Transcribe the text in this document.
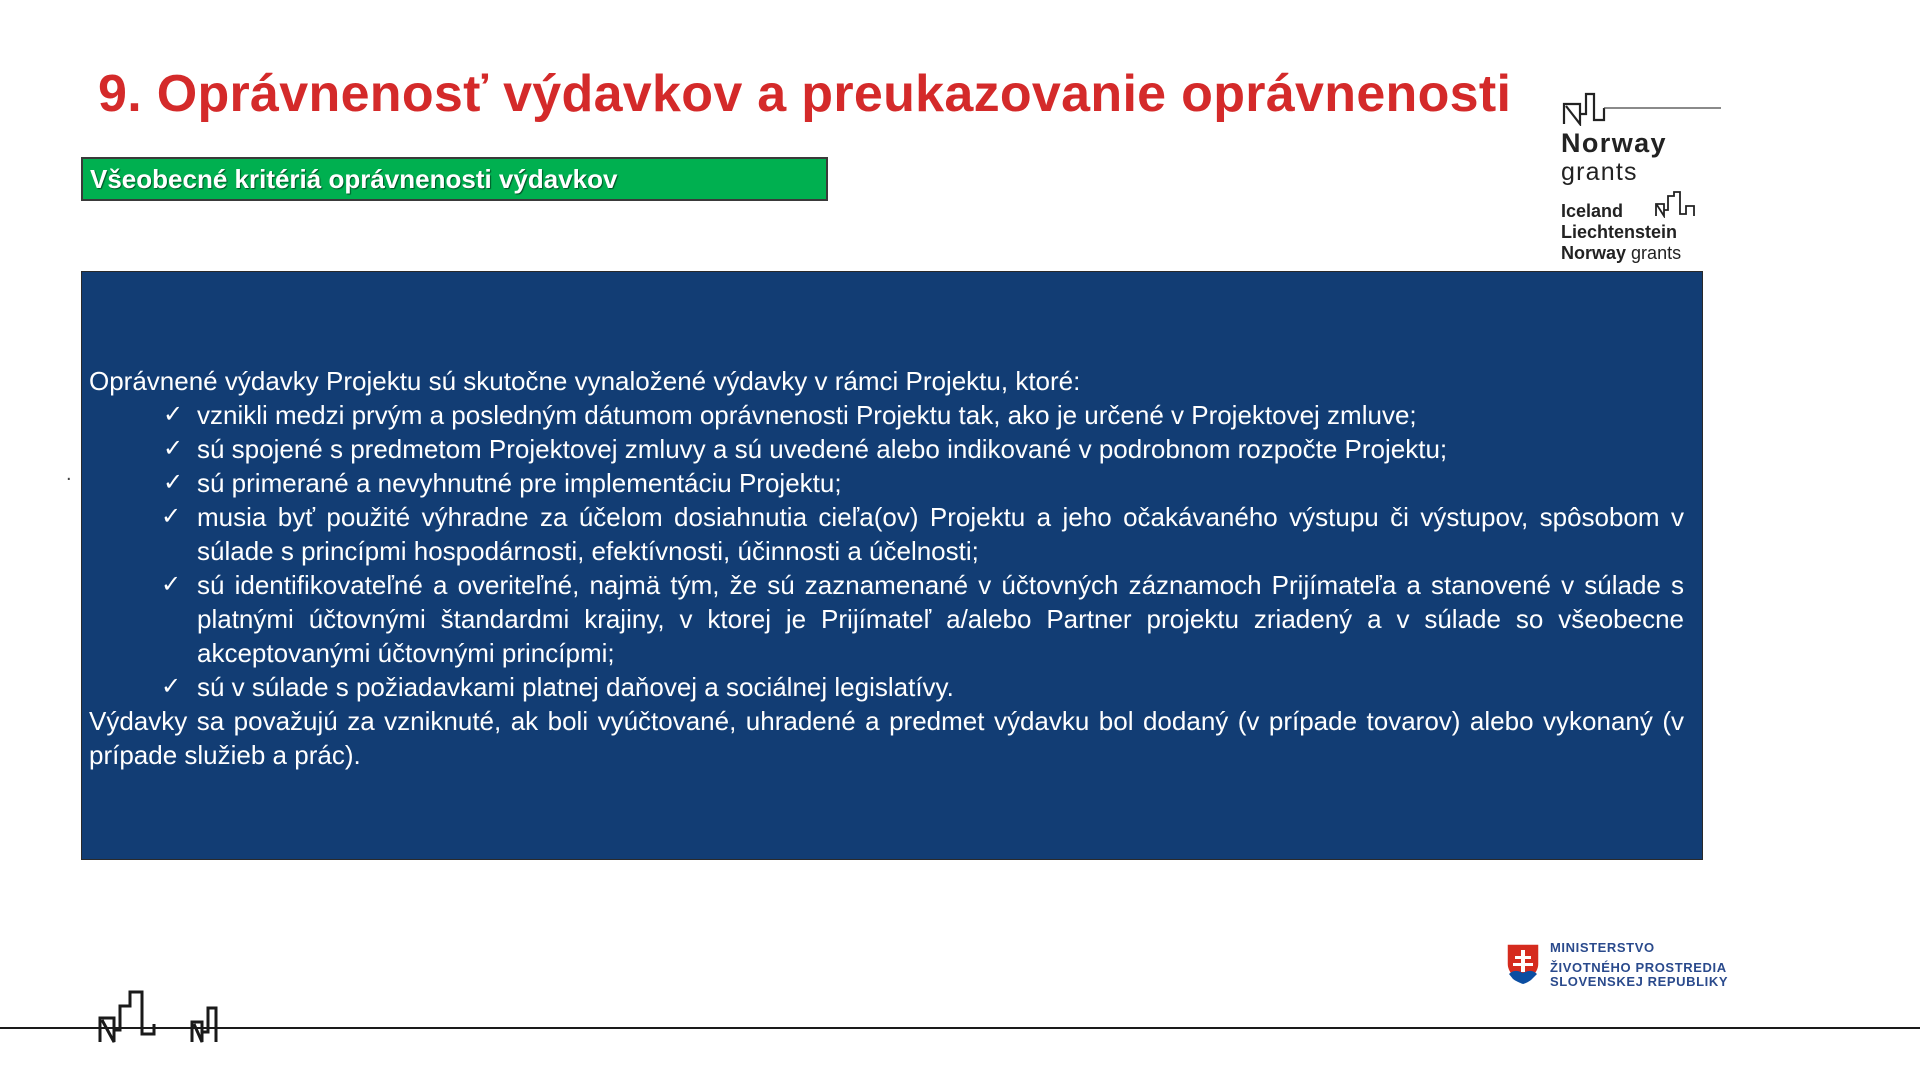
9. Oprávnenosť výdavkov a preukazovanie oprávnenosti
Všeobecné kritériá oprávnenosti výdavkov
Norway
grants
Iceland
Liechtenstein
Norway grants
.

Oprávnené výdavky Projektu sú skutočne vynaložené výdavky v rámci Projektu, ktoré:

✓ vznikli medzi prvým a posledným dátumom oprávnenosti Projektu tak, ako je určené v Projektovej zmluve;
✓ sú spojené s predmetom Projektovej zmluvy a sú uvedené alebo indikované v podrobnom rozpočte Projektu;
✓ sú primerané a nevyhnutné pre implementáciu Projektu;
✓ musia byť použité výhradne za účelom dosiahnutia cieľa(ov) Projektu a jeho očakávaného výstupu či výstupov, spôsobom v súlade s princípmi hospodárnosti, efektívnosti, účinnosti a účelnosti;
✓ sú identifikovateľné a overiteľné, najmä tým, že sú zaznamenané v účtovných záznamoch Prijímateľa a stanovené v súlade s platnými účtovnými štandardmi krajiny, v ktorej je Prijímateľ a/alebo Partner projektu zriadený a v súlade so všeobecne akceptovanými účtovnými princípmi;
✓ sú v súlade s požiadavkami platnej daňovej a sociálnej legislatívy.

Výdavky sa považujú za vzniknuté, ak boli vyúčtované, uhradené a predmet výdavku bol dodaný (v prípade tovarov) alebo vykonaný (v prípade služieb a prác).

MINISTERSTVO
ŽIVOTNÉHO PROSTREDIA
SLOVENSKEJ REPUBLIKY
